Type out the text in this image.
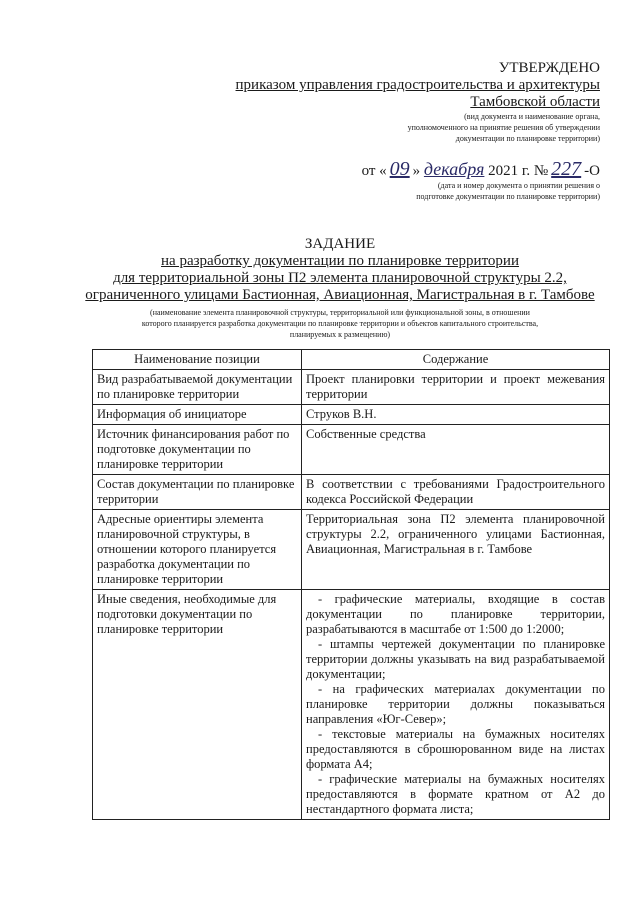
УТВЕРЖДЕНО
приказом управления градостроительства и архитектуры
Тамбовской области
(вид документа и наименование органа,
уполномоченного на принятие решения об утверждении
документации по планировке территории)
от « 09 » декабря 2021 г. № 227 -О
(дата и номер документа о принятии решения о
подготовке документации по планировке территории)
ЗАДАНИЕ
на разработку документации по планировке территории
для территориальной зоны П2 элемента планировочной структуры 2.2,
ограниченного улицами Бастионная, Авиационная, Магистральная в г. Тамбове
(наименование элемента планировочной структуры, территориальной или функциональной зоны, в отношении
которого планируется разработка документации по планировке территории и объектов капитального строительства,
планируемых к размещению)
Наименование позиции	Содержание
Вид разрабатываемой документации по планировке территории	Проект планировки территории и проект межевания территории
Информация об инициаторе	Струков В.Н.
Источник финансирования работ по подготовке документации по планировке территории	Собственные средства
Состав документации по планировке территории	В соответствии с требованиями Градостроительного кодекса Российской Федерации
Адресные ориентиры элемента планировочной структуры, в отношении которого планируется разработка документации по планировке территории	Территориальная зона П2 элемента планировочной структуры 2.2, ограниченного улицами Бастионная, Авиационная, Магистральная в г. Тамбове
Иные сведения, необходимые для подготовки документации по планировке территории	- графические материалы, входящие в состав документации по планировке территории, разрабатываются в масштабе от 1:500 до 1:2000;
- штампы чертежей документации по планировке территории должны указывать на вид разрабатываемой документации;
- на графических материалах документации по планировке территории должны показываться направления «Юг-Север»;
- текстовые материалы на бумажных носителях предоставляются в сброшюрованном виде на листах формата А4;
- графические материалы на бумажных носителях предоставляются в формате кратном от А2 до нестандартного формата листа;
